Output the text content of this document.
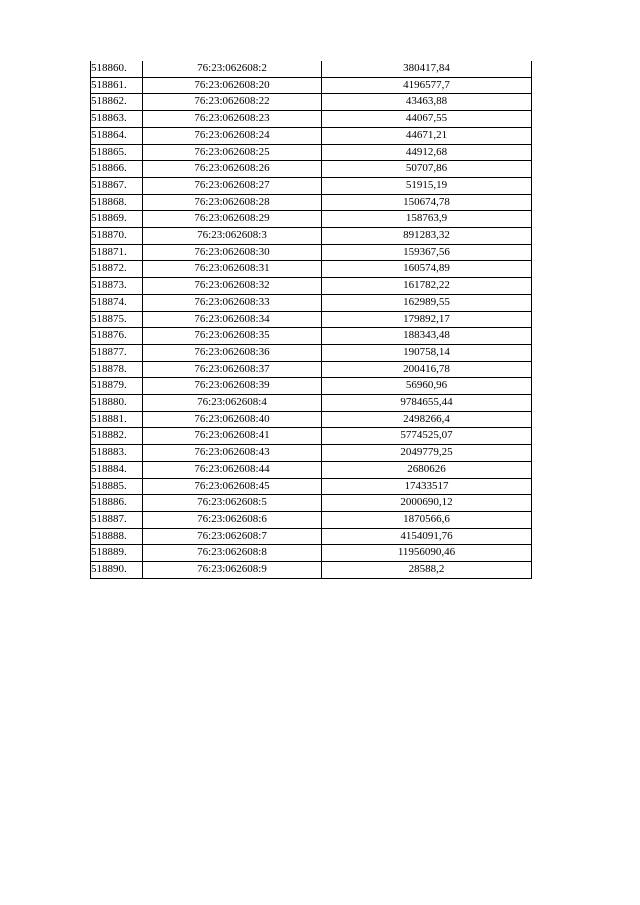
518860.	76:23:062608:2	380417,84
518861.	76:23:062608:20	4196577,7
518862.	76:23:062608:22	43463,88
518863.	76:23:062608:23	44067,55
518864.	76:23:062608:24	44671,21
518865.	76:23:062608:25	44912,68
518866.	76:23:062608:26	50707,86
518867.	76:23:062608:27	51915,19
518868.	76:23:062608:28	150674,78
518869.	76:23:062608:29	158763,9
518870.	76:23:062608:3	891283,32
518871.	76:23:062608:30	159367,56
518872.	76:23:062608:31	160574,89
518873.	76:23:062608:32	161782,22
518874.	76:23:062608:33	162989,55
518875.	76:23:062608:34	179892,17
518876.	76:23:062608:35	188343,48
518877.	76:23:062608:36	190758,14
518878.	76:23:062608:37	200416,78
518879.	76:23:062608:39	56960,96
518880.	76:23:062608:4	9784655,44
518881.	76:23:062608:40	2498266,4
518882.	76:23:062608:41	5774525,07
518883.	76:23:062608:43	2049779,25
518884.	76:23:062608:44	2680626
518885.	76:23:062608:45	17433517
518886.	76:23:062608:5	2000690,12
518887.	76:23:062608:6	1870566,6
518888.	76:23:062608:7	4154091,76
518889.	76:23:062608:8	11956090,46
518890.	76:23:062608:9	28588,2
